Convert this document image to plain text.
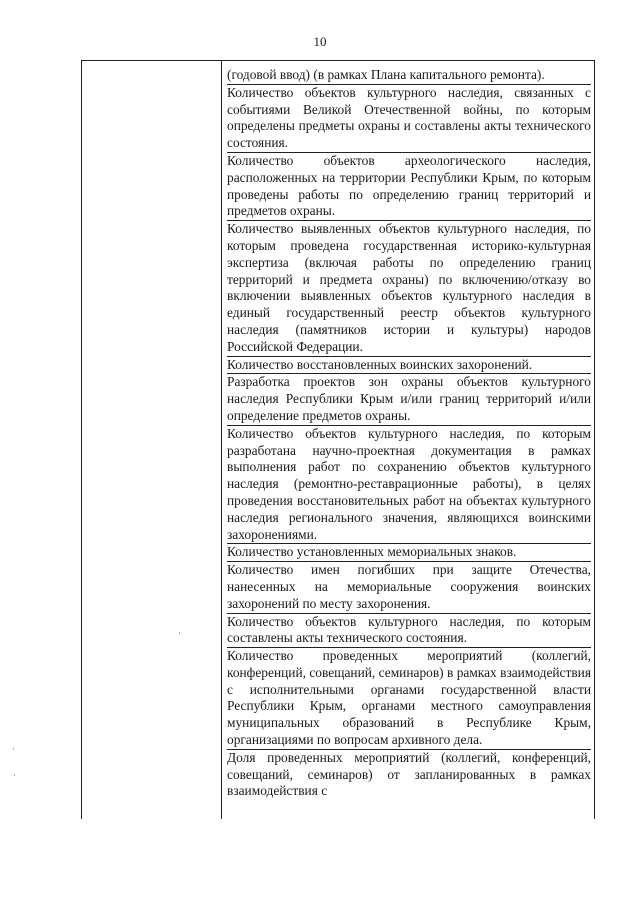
10
(годовой ввод) (в рамках Плана капитального ремонта).
Количество объектов культурного наследия, связанных с событиями Великой Отечественной войны, по которым определены предметы охраны и составлены акты технического состояния.
Количество объектов археологического наследия, расположенных на территории Республики Крым, по которым проведены работы по определению границ территорий и предметов охраны.
Количество выявленных объектов культурного наследия, по которым проведена государственная историко-культурная экспертиза (включая работы по определению границ территорий и предмета охраны) по включению/отказу во включении выявленных объектов культурного наследия в единый государственный реестр объектов культурного наследия (памятников истории и культуры) народов Российской Федерации.
Количество восстановленных воинских захоронений.
Разработка проектов зон охраны объектов культурного наследия Республики Крым и/или границ территорий и/или определение предметов охраны.
Количество объектов культурного наследия, по которым разработана научно-проектная документация в рамках выполнения работ по сохранению объектов культурного наследия (ремонтно-реставрационные работы), в целях проведения восстановительных работ на объектах культурного наследия регионального значения, являющихся воинскими захоронениями.
Количество установленных мемориальных знаков.
Количество имен погибших при защите Отечества, нанесенных на мемориальные сооружения воинских захоронений по месту захоронения.
Количество объектов культурного наследия, по которым составлены акты технического состояния.
Количество проведенных мероприятий (коллегий, конференций, совещаний, семинаров) в рамках взаимодействия с исполнительными органами государственной власти Республики Крым, органами местного самоуправления муниципальных образований в Республике Крым, организациями по вопросам архивного дела.
Доля проведенных мероприятий (коллегий, конференций, совещаний, семинаров) от запланированных в рамках взаимодействия с
·
·
·
